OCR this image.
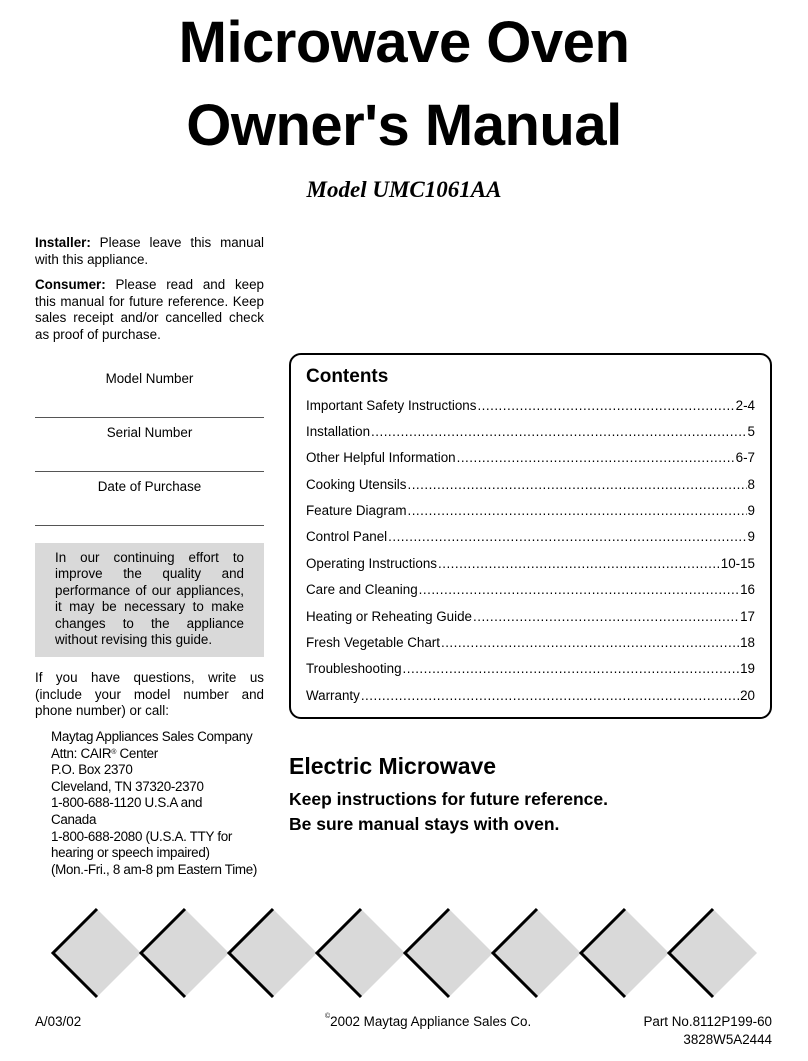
Microwave Oven
Owner's Manual
Model UMC1061AA
Installer: Please leave this manual with this appliance.
Consumer: Please read and keep this manual for future reference. Keep sales receipt and/or cancelled check as proof of purchase.
Model Number
Serial Number
Date of Purchase
In our continuing effort to improve the quality and performance of our appliances, it may be necessary to make changes to the appliance without revising this guide.
If you have questions, write us (include your model number and phone number) or call:
Maytag Appliances Sales Company
Attn: CAIR® Center
P.O. Box 2370
Cleveland, TN 37320-2370
1-800-688-1120 U.S.A and
Canada
1-800-688-2080 (U.S.A. TTY for
hearing or speech impaired)
(Mon.-Fri., 8 am-8 pm Eastern Time)
Contents
Important Safety Instructions .....	2-4
Installation .....	5
Other Helpful Information .....	6-7
Cooking Utensils .....	8
Feature Diagram .....	9
Control Panel .....	9
Operating Instructions .....	10-15
Care and Cleaning .....	16
Heating or Reheating Guide .....	17
Fresh Vegetable Chart .....	18
Troubleshooting .....	19
Warranty .....	20
Electric Microwave
Keep instructions for future reference.
Be sure manual stays with oven.
A/03/02	©2002 Maytag Appliance Sales Co.	Part No.8112P199-60
3828W5A2444
